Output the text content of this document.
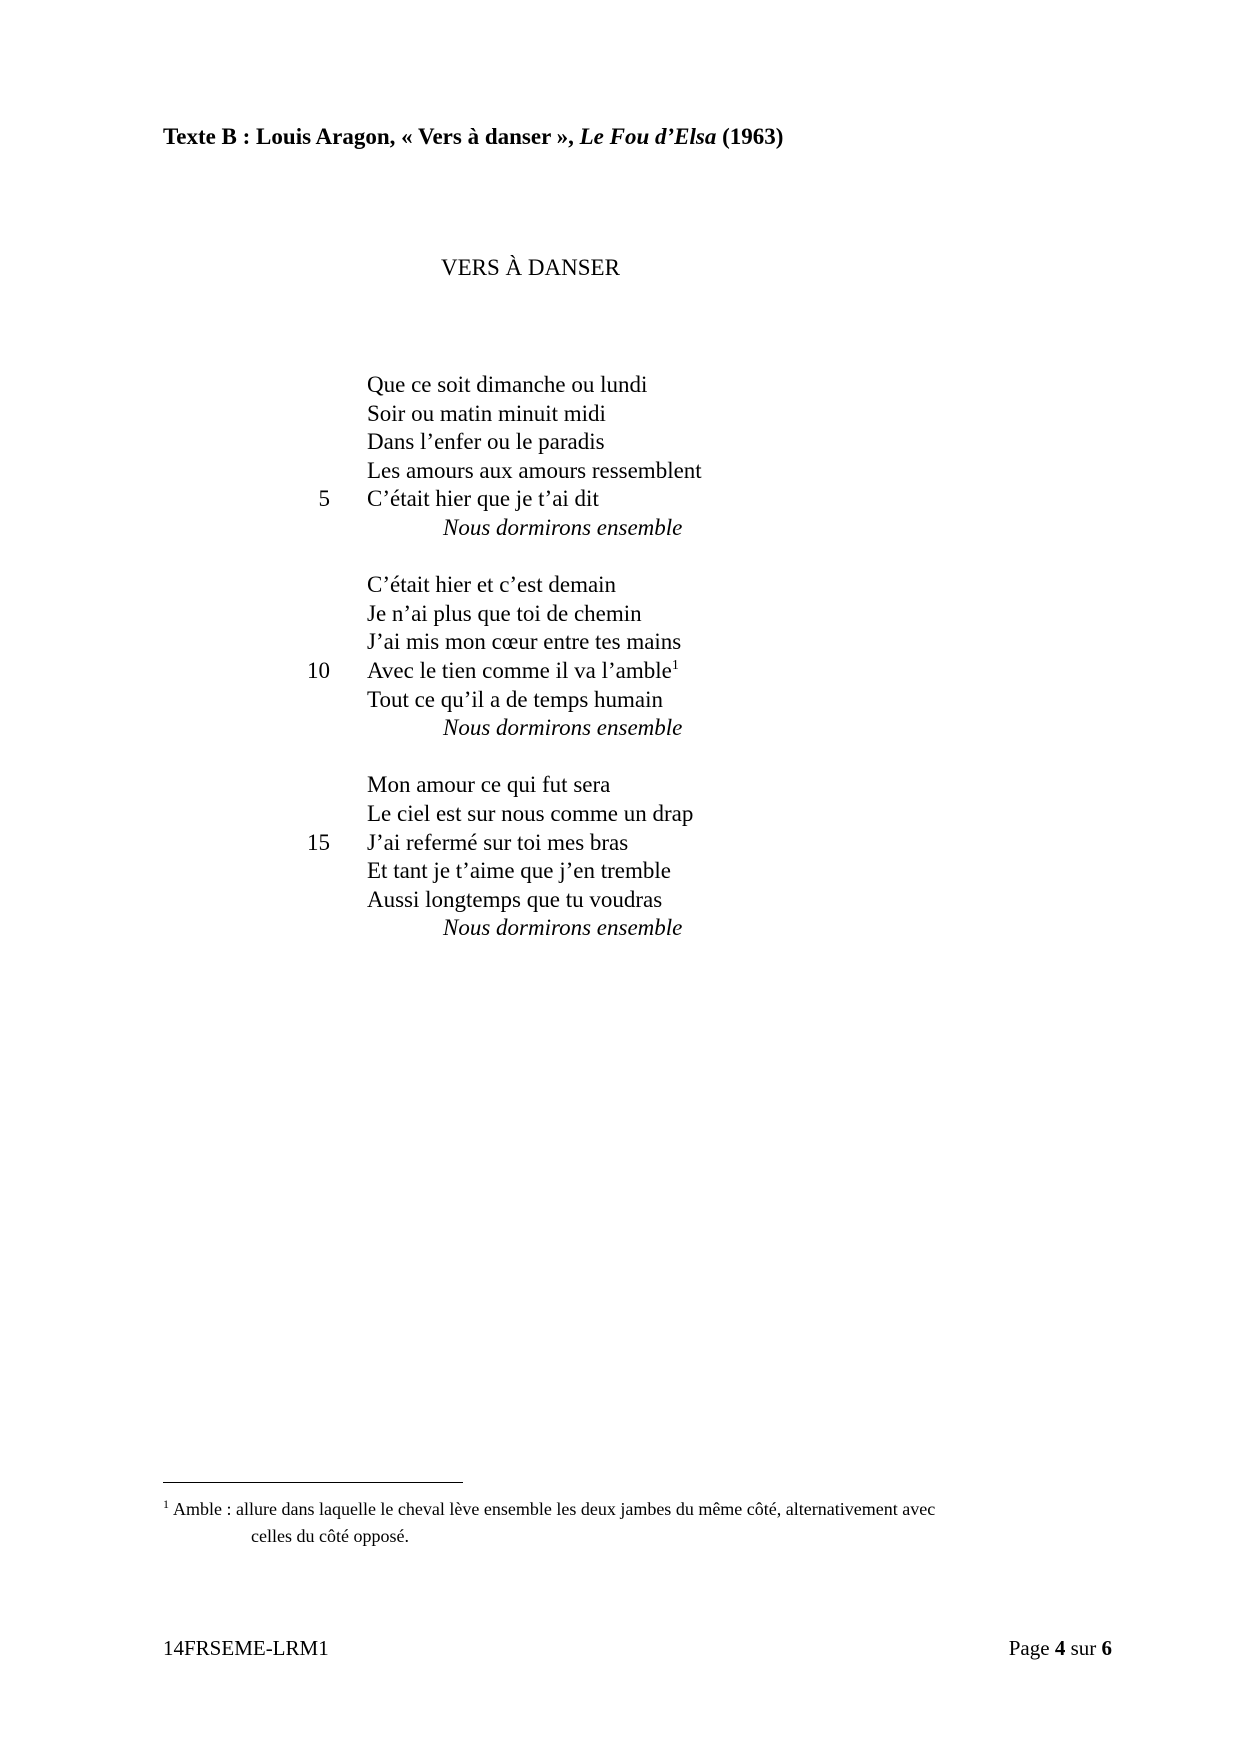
Texte B : Louis Aragon, « Vers à danser », Le Fou d’Elsa (1963)
VERS À DANSER
Que ce soit dimanche ou lundi
Soir ou matin minuit midi
Dans l’enfer ou le paradis
Les amours aux amours ressemblent
C’était hier que je t’ai dit
5
Nous dormirons ensemble
C’était hier et c’est demain
Je n’ai plus que toi de chemin
J’ai mis mon cœur entre tes mains
Avec le tien comme il va l’amble$^1$
10
Tout ce qu’il a de temps humain
Nous dormirons ensemble
Mon amour ce qui fut sera
Le ciel est sur nous comme un drap
J’ai refermé sur toi mes bras
15
Et tant je t’aime que j’en tremble
Aussi longtemps que tu voudras
Nous dormirons ensemble
$^1$ Amble : allure dans laquelle le cheval lève ensemble les deux jambes du même côté, alternativement avec
celles du côté opposé.
14FRSEME-LRM1	Page 4 sur 6
